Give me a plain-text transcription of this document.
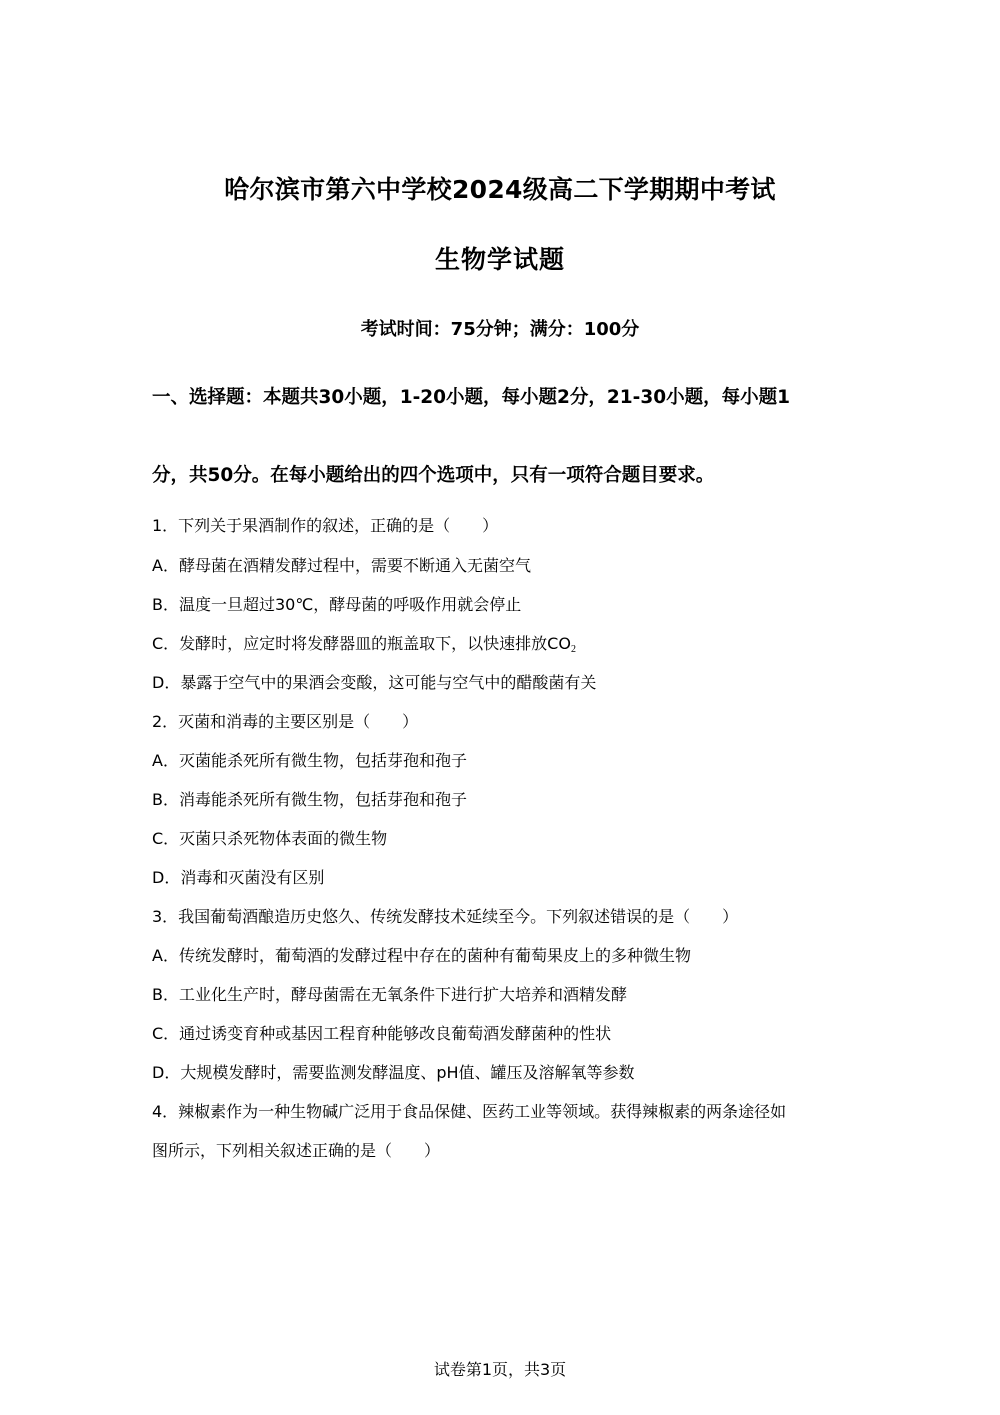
哈尔滨市第六中学校2024级高二下学期期中考试
生物学试题
考试时间：75分钟；满分：100分
一、选择题：本题共30小题，1-20小题，每小题2分，21-30小题，每小题1
分，共50分。在每小题给出的四个选项中，只有一项符合题目要求。
1．下列关于果酒制作的叙述，正确的是（　　）
A．酵母菌在酒精发酵过程中，需要不断通入无菌空气
B．温度一旦超过30℃，酵母菌的呼吸作用就会停止
C．发酵时，应定时将发酵器皿的瓶盖取下，以快速排放$CO_2$
D．暴露于空气中的果酒会变酸，这可能与空气中的醋酸菌有关
2．灭菌和消毒的主要区别是（　　）
A．灭菌能杀死所有微生物，包括芽孢和孢子
B．消毒能杀死所有微生物，包括芽孢和孢子
C．灭菌只杀死物体表面的微生物
D．消毒和灭菌没有区别
3．我国葡萄酒酿造历史悠久、传统发酵技术延续至今。下列叙述错误的是（　　）
A．传统发酵时，葡萄酒的发酵过程中存在的菌种有葡萄果皮上的多种微生物
B．工业化生产时，酵母菌需在无氧条件下进行扩大培养和酒精发酵
C．通过诱变育种或基因工程育种能够改良葡萄酒发酵菌种的性状
D．大规模发酵时，需要监测发酵温度、pH值、罐压及溶解氧等参数
4．辣椒素作为一种生物碱广泛用于食品保健、医药工业等领域。获得辣椒素的两条途径如
图所示，下列相关叙述正确的是（　　）
试卷第1页，共3页
